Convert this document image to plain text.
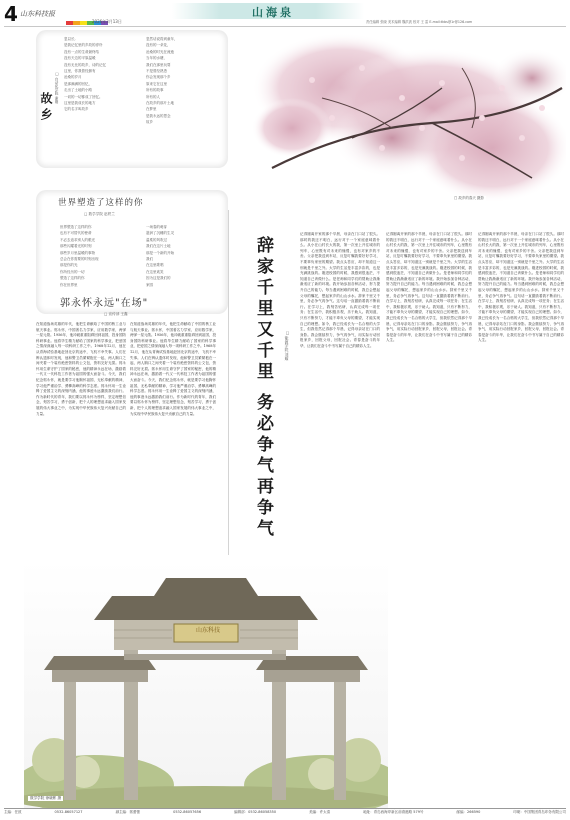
4 山东科技报
2026年3月13日
山海泉
责任编辑 张晓 美术编辑 魏洪波 校对 王 雷 E-mail:tkbs@1r@126.com
故乡
□ 自动化学院 谢刚
忽以长,
是我记忆里的乡故的淳朴
没有一点的生命最终结
没有天边的平原温暖
没有无比的故乡，诗的记忆
这里，你我曾经拥有
沧桑的岁月
是那满满的回忆，
走出了土地的小路
一切的一切都成了回忆。
这里是我成长的地方
它的名字叫故乡
忽然话说将到童年，
没有的一朵花，
沧桑的时光在流逝
当年的水塘，
我们在那里玩耍
不是曾经熟悉
你会发现那个乡
原来它在这里
所有的故事
所有的人
在故乡的那片土地
在梦里
是我永远的思念
故乡
□ 故乡的春天 摄影
世界塑造了这样的你
□ 数学学院 赵轶兰
世界塑造了这样的你
也有不可替代的使命
不必去追求别人的眼光
那些闪耀着光的时刻
那些岁月里温暖的事物
总会在你需要的时刻出现
那是你的光
你所经历的一切
塑造了这样的你
你在世界里
一场春的萌芽
滋润了沉睡的生灵
温柔的风吹过
我们在这片土地
那是一个新的开始
我们
在这里歌唱
在这里欢笑
因为这是我们的
家园
郭永怀永远"在场"
□ 宣传部 王鑫
在知道战场英雄的年代，他把生命献给了中国的核工业与航天事业。郭永怀，中国著名力学家、应用数学家，两弹一星元勋。1956年，他冲破重重阻碍回到祖国，投身国防科研事业。他将毕生精力献给了国家的科学事业，把爱国之情深深融入每一项科研工作之中。1968年12月，他在从青海试验基地赶回北京的途中，飞机不幸失事。人们在辨认遗体时发现，他和警卫员紧紧抱在一起，两人胸口之间夹着一个装有绝密资料的公文包，资料完好无损。郭永怀用生命守护了国家的秘密，他的精神永远在场，激励着一代又一代科技工作者为祖国的强大而奋斗。今天，我们纪念郭永怀，就是要学习他胸怀祖国、无私奉献的精神，学习他严谨治学、勇攀高峰的科学态度。郭永怀用一生诠释了爱国主义的深刻内涵，他的事迹永远激励我们前行。作为新时代的青年，我们要以郭永怀为榜样，坚定理想信念，刻苦学习，勇于创新，把个人的理想追求融入国家发展的伟大事业之中，为实现中华民族伟大复兴贡献自己的力量。
在知道战场英雄的年代，他把生命献给了中国的核工业与航天事业。郭永怀，中国著名力学家、应用数学家，两弹一星元勋。1956年，他冲破重重阻碍回到祖国，投身国防科研事业。他将毕生精力献给了国家的科学事业，把爱国之情深深融入每一项科研工作之中。1968年12月，他在从青海试验基地赶回北京的途中，飞机不幸失事。人们在辨认遗体时发现，他和警卫员紧紧抱在一起，两人胸口之间夹着一个装有绝密资料的公文包，资料完好无损。郭永怀用生命守护了国家的秘密，他的精神永远在场，激励着一代又一代科技工作者为祖国的强大而奋斗。今天，我们纪念郭永怀，就是要学习他胸怀祖国、无私奉献的精神，学习他严谨治学、勇攀高峰的科学态度。郭永怀用一生诠释了爱国主义的深刻内涵，他的事迹永远激励我们前行。作为新时代的青年，我们要以郭永怀为榜样，坚定理想信念，刻苦学习，勇于创新，把个人的理想追求融入国家发展的伟大事业之中，为实现中华民族伟大复兴贡献自己的力量。	辞家千里又千里 务必争气再争气	□ 能源学院 刘耀
记得刚离开家的那个早晨，母亲在门口站了很久。那时的我还不明白，远行对于一个家庭意味着什么。从小在山村长大的我，第一次坐上开往城市的列车，心里既有对未来的憧憬，也有对家乡的不舍。父亲把我送到车站，反复叮嘱我要好好学习，不要辜负家里的期望。我点头答应，却不知道这一别就是千里之外。大学的生活是丰富多彩的，也是充满挑战的。刚进校园的时候，我感到很迷茫，不知道自己该做什么。是老师和同学们的帮助让我渐渐适应了新的环境。我开始参加各种活动，努力提升自己的能力。每当遇到困难的时候，我总会想起父母的嘱托，想起家乡的山山水水。辞家千里又千里，务必争气再争气。这句话一直激励着我不断前行。在学习上，我刻苦钻研，认真完成每一项任务；在生活中，我积极乐观，乐于助人。我知道，只有不断努力，才能不辜负父母的期望，才能实现自己的理想。如今，我已经成长为一名合格的大学生，但我依然记得那个早晨，记得母亲站在门口的身影。我会继续努力，争气再争气，用实际行动回报家乡，回报父母，回报社会。青春是奋斗的年华，让我们在奋斗中书写属于自己的精彩人生。
记得刚离开家的那个早晨，母亲在门口站了很久。那时的我还不明白，远行对于一个家庭意味着什么。从小在山村长大的我，第一次坐上开往城市的列车，心里既有对未来的憧憬，也有对家乡的不舍。父亲把我送到车站，反复叮嘱我要好好学习，不要辜负家里的期望。我点头答应，却不知道这一别就是千里之外。大学的生活是丰富多彩的，也是充满挑战的。刚进校园的时候，我感到很迷茫，不知道自己该做什么。是老师和同学们的帮助让我渐渐适应了新的环境。我开始参加各种活动，努力提升自己的能力。每当遇到困难的时候，我总会想起父母的嘱托，想起家乡的山山水水。辞家千里又千里，务必争气再争气。这句话一直激励着我不断前行。在学习上，我刻苦钻研，认真完成每一项任务；在生活中，我积极乐观，乐于助人。我知道，只有不断努力，才能不辜负父母的期望，才能实现自己的理想。如今，我已经成长为一名合格的大学生，但我依然记得那个早晨，记得母亲站在门口的身影。我会继续努力，争气再争气，用实际行动回报家乡，回报父母，回报社会。青春是奋斗的年华，让我们在奋斗中书写属于自己的精彩人生。
记得刚离开家的那个早晨，母亲在门口站了很久。那时的我还不明白，远行对于一个家庭意味着什么。从小在山村长大的我，第一次坐上开往城市的列车，心里既有对未来的憧憬，也有对家乡的不舍。父亲把我送到车站，反复叮嘱我要好好学习，不要辜负家里的期望。我点头答应，却不知道这一别就是千里之外。大学的生活是丰富多彩的，也是充满挑战的。刚进校园的时候，我感到很迷茫，不知道自己该做什么。是老师和同学们的帮助让我渐渐适应了新的环境。我开始参加各种活动，努力提升自己的能力。每当遇到困难的时候，我总会想起父母的嘱托，想起家乡的山山水水。辞家千里又千里，务必争气再争气。这句话一直激励着我不断前行。在学习上，我刻苦钻研，认真完成每一项任务；在生活中，我积极乐观，乐于助人。我知道，只有不断努力，才能不辜负父母的期望，才能实现自己的理想。如今，我已经成长为一名合格的大学生，但我依然记得那个早晨，记得母亲站在门口的身影。我会继续努力，争气再争气，用实际行动回报家乡，回报父母，回报社会。青春是奋斗的年华，让我们在奋斗中书写属于自己的精彩人生。
山东科技
数学学院 徐晓彬 摄
主编：任波	0532-86057127	副主编：郭蕾蕾	0532-86057656	编辑部：0532-86058350	美编：许太清	地址：青岛西海岸新区前湾港路 579号	邮编：266590	印刷：中国集团青岛印务有限公司
